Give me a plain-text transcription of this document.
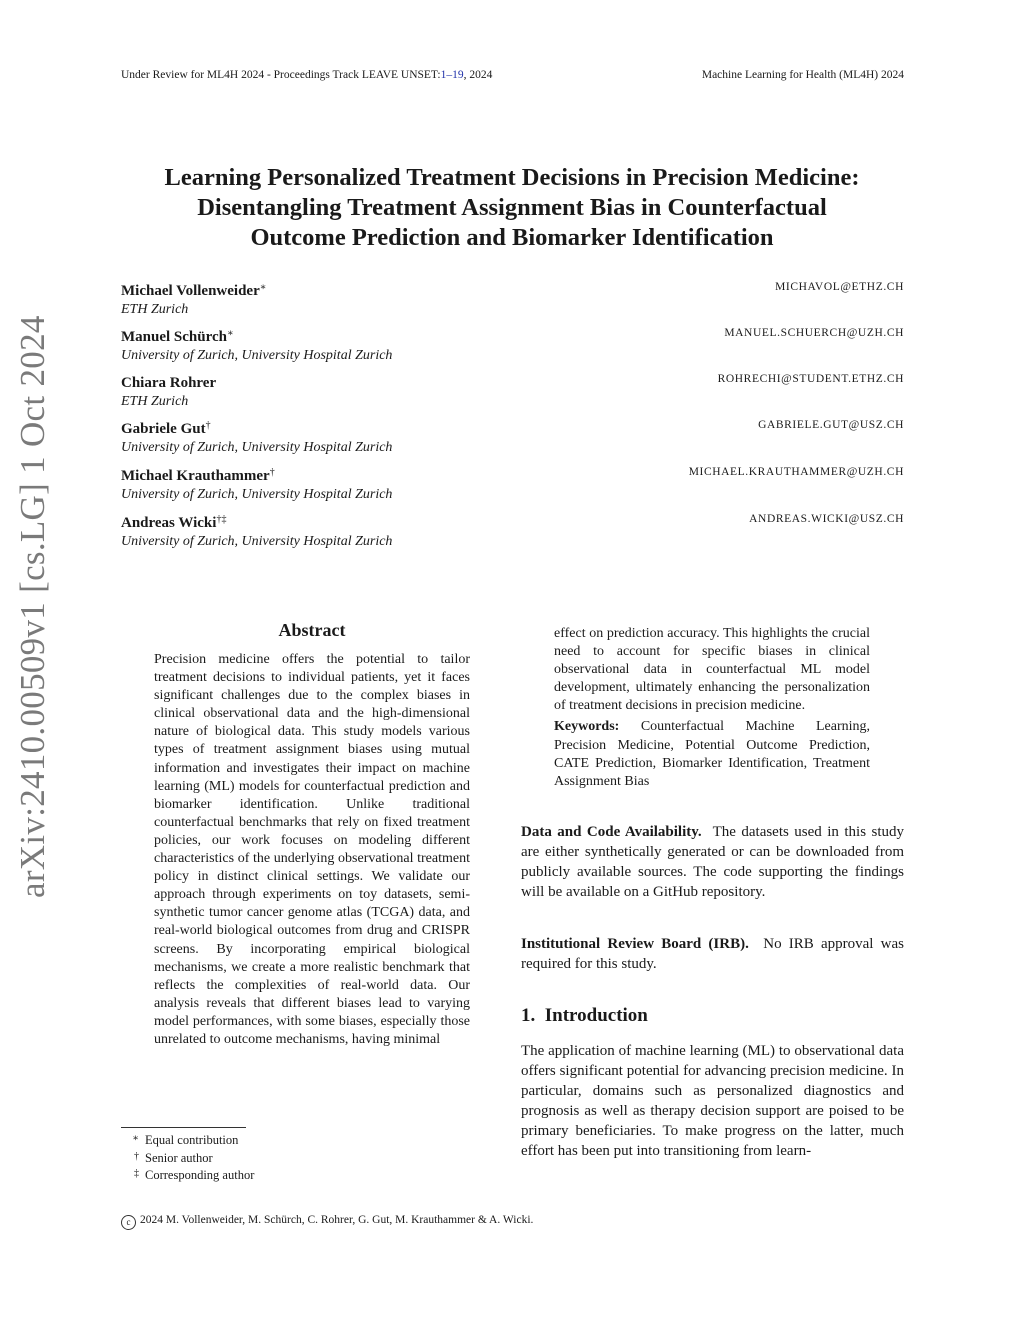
Under Review for ML4H 2024 - Proceedings Track LEAVE UNSET:1–19, 2024	Machine Learning for Health (ML4H) 2024
Learning Personalized Treatment Decisions in Precision Medicine:
Disentangling Treatment Assignment Bias in Counterfactual
Outcome Prediction and Biomarker Identification
Michael Vollenweider∗
ETH Zurich
MICHAVOL@ETHZ.CH
Manuel Schürch∗
University of Zurich, University Hospital Zurich
MANUEL.SCHUERCH@UZH.CH
Chiara Rohrer
ETH Zurich
ROHRECHI@STUDENT.ETHZ.CH
Gabriele Gut†
University of Zurich, University Hospital Zurich
GABRIELE.GUT@USZ.CH
Michael Krauthammer†
University of Zurich, University Hospital Zurich
MICHAEL.KRAUTHAMMER@UZH.CH
Andreas Wicki†‡
University of Zurich, University Hospital Zurich
ANDREAS.WICKI@USZ.CH
arXiv:2410.00509v1 [cs.LG] 1 Oct 2024	Abstract
Precision medicine offers the potential to tailor treatment decisions to individual patients, yet it faces significant challenges due to the complex biases in clinical observational data and the high-dimensional nature of biological data. This study models various types of treatment assignment biases using mutual information and investigates their impact on machine learning (ML) models for counterfactual prediction and biomarker identification. Unlike traditional counterfactual benchmarks that rely on fixed treatment policies, our work focuses on modeling different characteristics of the underlying observational treatment policy in distinct clinical settings. We validate our approach through experiments on toy datasets, semi-synthetic tumor cancer genome atlas (TCGA) data, and real-world biological outcomes from drug and CRISPR screens. By incorporating empirical biological mechanisms, we create a more realistic benchmark that reflects the complexities of real-world data. Our analysis reveals that different biases lead to varying model performances, with some biases, especially those unrelated to outcome mechanisms, having minimal
effect on prediction accuracy. This highlights the crucial need to account for specific biases in clinical observational data in counterfactual ML model development, ultimately enhancing the personalization of treatment decisions in precision medicine.
Keywords: Counterfactual Machine Learning, Precision Medicine, Potential Outcome Prediction, CATE Prediction, Biomarker Identification, Treatment Assignment Bias
Data and Code Availability. The datasets used in this study are either synthetically generated or can be downloaded from publicly available sources. The code supporting the findings will be available on a GitHub repository.
Institutional Review Board (IRB). No IRB approval was required for this study.
1.  Introduction
The application of machine learning (ML) to observational data offers significant potential for advancing precision medicine. In particular, domains such as personalized diagnostics and prognosis as well as therapy decision support are poised to be primary beneficiaries. To make progress on the latter, much effort has been put into transitioning from learn-
∗ Equal contribution
† Senior author
‡ Corresponding author
c 2024 M. Vollenweider, M. Schürch, C. Rohrer, G. Gut, M. Krauthammer & A. Wicki.
